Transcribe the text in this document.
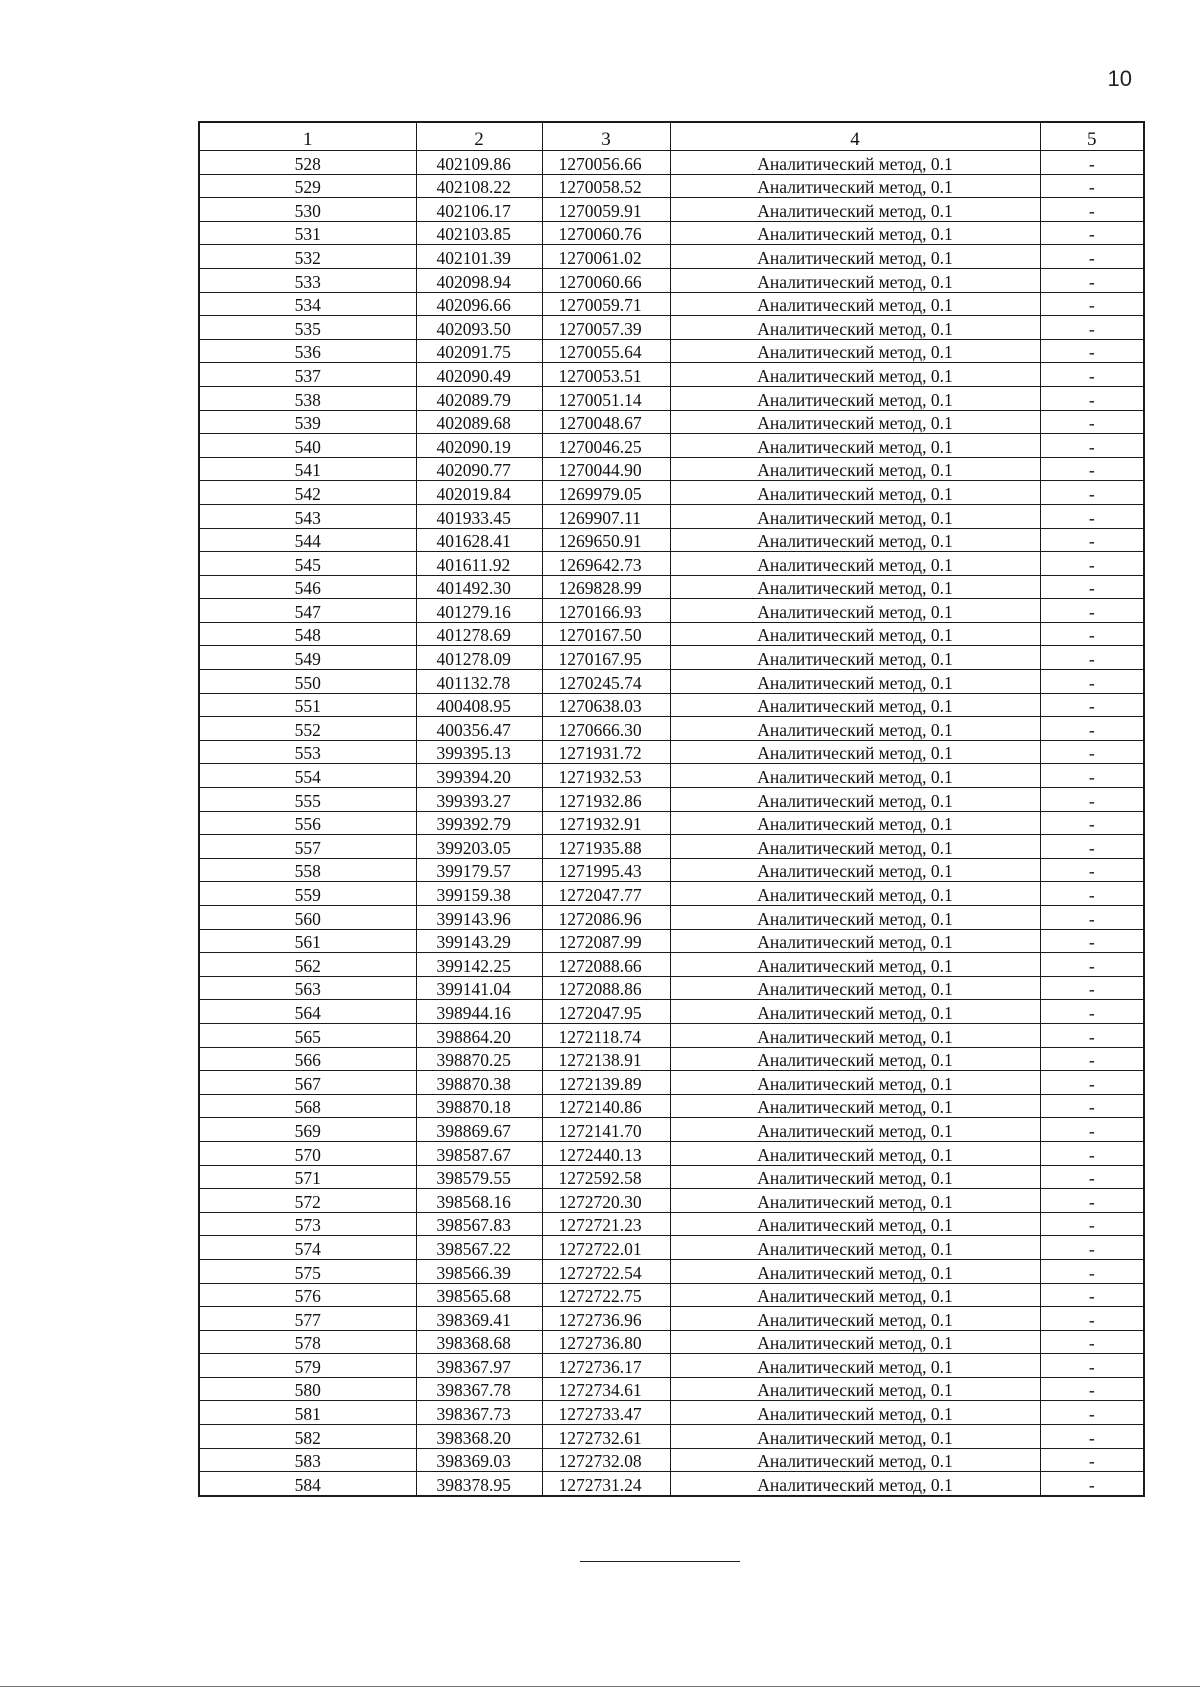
10
1	2	3	4	5
528	402109.86	1270056.66	Аналитический метод, 0.1	-
529	402108.22	1270058.52	Аналитический метод, 0.1	-
530	402106.17	1270059.91	Аналитический метод, 0.1	-
531	402103.85	1270060.76	Аналитический метод, 0.1	-
532	402101.39	1270061.02	Аналитический метод, 0.1	-
533	402098.94	1270060.66	Аналитический метод, 0.1	-
534	402096.66	1270059.71	Аналитический метод, 0.1	-
535	402093.50	1270057.39	Аналитический метод, 0.1	-
536	402091.75	1270055.64	Аналитический метод, 0.1	-
537	402090.49	1270053.51	Аналитический метод, 0.1	-
538	402089.79	1270051.14	Аналитический метод, 0.1	-
539	402089.68	1270048.67	Аналитический метод, 0.1	-
540	402090.19	1270046.25	Аналитический метод, 0.1	-
541	402090.77	1270044.90	Аналитический метод, 0.1	-
542	402019.84	1269979.05	Аналитический метод, 0.1	-
543	401933.45	1269907.11	Аналитический метод, 0.1	-
544	401628.41	1269650.91	Аналитический метод, 0.1	-
545	401611.92	1269642.73	Аналитический метод, 0.1	-
546	401492.30	1269828.99	Аналитический метод, 0.1	-
547	401279.16	1270166.93	Аналитический метод, 0.1	-
548	401278.69	1270167.50	Аналитический метод, 0.1	-
549	401278.09	1270167.95	Аналитический метод, 0.1	-
550	401132.78	1270245.74	Аналитический метод, 0.1	-
551	400408.95	1270638.03	Аналитический метод, 0.1	-
552	400356.47	1270666.30	Аналитический метод, 0.1	-
553	399395.13	1271931.72	Аналитический метод, 0.1	-
554	399394.20	1271932.53	Аналитический метод, 0.1	-
555	399393.27	1271932.86	Аналитический метод, 0.1	-
556	399392.79	1271932.91	Аналитический метод, 0.1	-
557	399203.05	1271935.88	Аналитический метод, 0.1	-
558	399179.57	1271995.43	Аналитический метод, 0.1	-
559	399159.38	1272047.77	Аналитический метод, 0.1	-
560	399143.96	1272086.96	Аналитический метод, 0.1	-
561	399143.29	1272087.99	Аналитический метод, 0.1	-
562	399142.25	1272088.66	Аналитический метод, 0.1	-
563	399141.04	1272088.86	Аналитический метод, 0.1	-
564	398944.16	1272047.95	Аналитический метод, 0.1	-
565	398864.20	1272118.74	Аналитический метод, 0.1	-
566	398870.25	1272138.91	Аналитический метод, 0.1	-
567	398870.38	1272139.89	Аналитический метод, 0.1	-
568	398870.18	1272140.86	Аналитический метод, 0.1	-
569	398869.67	1272141.70	Аналитический метод, 0.1	-
570	398587.67	1272440.13	Аналитический метод, 0.1	-
571	398579.55	1272592.58	Аналитический метод, 0.1	-
572	398568.16	1272720.30	Аналитический метод, 0.1	-
573	398567.83	1272721.23	Аналитический метод, 0.1	-
574	398567.22	1272722.01	Аналитический метод, 0.1	-
575	398566.39	1272722.54	Аналитический метод, 0.1	-
576	398565.68	1272722.75	Аналитический метод, 0.1	-
577	398369.41	1272736.96	Аналитический метод, 0.1	-
578	398368.68	1272736.80	Аналитический метод, 0.1	-
579	398367.97	1272736.17	Аналитический метод, 0.1	-
580	398367.78	1272734.61	Аналитический метод, 0.1	-
581	398367.73	1272733.47	Аналитический метод, 0.1	-
582	398368.20	1272732.61	Аналитический метод, 0.1	-
583	398369.03	1272732.08	Аналитический метод, 0.1	-
584	398378.95	1272731.24	Аналитический метод, 0.1	-
